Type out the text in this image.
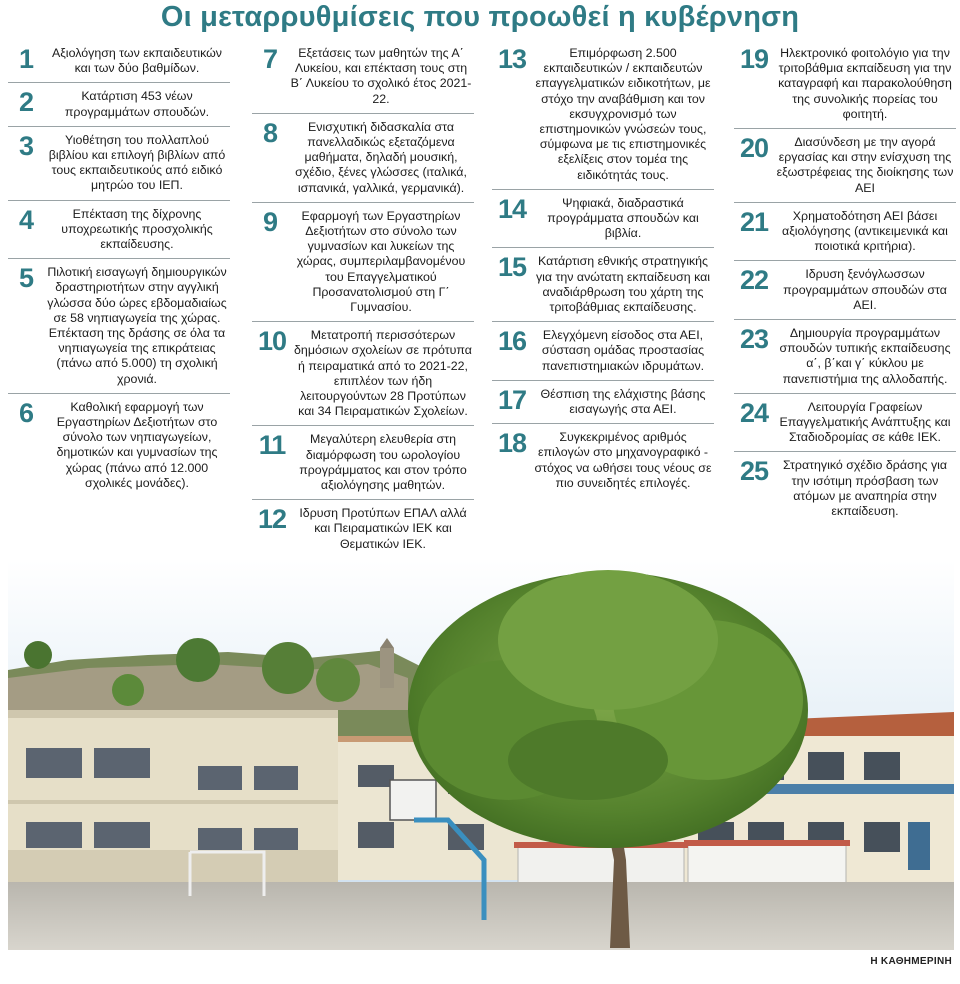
Οι μεταρρυθμίσεις που προωθεί η κυβέρνηση
1	Αξιολόγηση των εκπαιδευτικών και των δύο βαθμίδων.
2	Κατάρτιση 453 νέων προγραμμάτων σπουδών.
3	Υιοθέτηση του πολλαπλού βιβλίου και επιλογή βιβλίων από τους εκπαιδευτικούς από ειδικό μητρώο του ΙΕΠ.
4	Επέκταση της δίχρονης υποχρεωτικής προσχολικής εκπαίδευσης.
5	Πιλοτική εισαγωγή δημιουργικών δραστηριοτήτων στην αγγλική γλώσσα δύο ώρες εβδομαδιαίως σε 58 νηπιαγωγεία της χώρας. Επέκταση της δράσης σε όλα τα νηπιαγωγεία της επικράτειας (πάνω από 5.000) τη σχολική χρονιά.
6	Καθολική εφαρμογή των Εργαστηρίων Δεξιοτήτων στο σύνολο των νηπιαγωγείων, δημοτικών και γυμνασίων της χώρας (πάνω από 12.000 σχολικές μονάδες).
7	Εξετάσεις των μαθητών της Α΄ Λυκείου, και επέκταση τους στη Β΄ Λυκείου το σχολικό έτος 2021-22.
8	Ενισχυτική διδασκαλία στα πανελλαδικώς εξεταζόμενα μαθήματα, δηλαδή μουσική, σχέδιο, ξένες γλώσσες (ιταλικά, ισπανικά, γαλλικά, γερμανικά).
9	Εφαρμογή των Εργαστηρίων Δεξιοτήτων στο σύνολο των γυμνασίων και λυκείων της χώρας, συμπεριλαμβανομένου του Επαγγελματικού Προσανατολισμού στη Γ΄ Γυμνασίου.
10	Μετατροπή περισσότερων δημόσιων σχολείων σε πρότυπα ή πειραματικά από το 2021-22, επιπλέον των ήδη λειτουργούντων 28 Προτύπων και 34 Πειραματικών Σχολείων.
11	Μεγαλύτερη ελευθερία στη διαμόρφωση του ωρολογίου προγράμματος και στον τρόπο αξιολόγησης μαθητών.
12	Ιδρυση Προτύπων ΕΠΑΛ αλλά και Πειραματικών ΙΕΚ και Θεματικών ΙΕΚ.
13	Επιμόρφωση 2.500 εκπαιδευτικών / εκπαιδευτών επαγγελματικών ειδικοτήτων, με στόχο την αναβάθμιση και τον εκσυγχρονισμό των επιστημονικών γνώσεών τους, σύμφωνα με τις επιστημονικές εξελίξεις στον τομέα της ειδικότητάς τους.
14	Ψηφιακά, διαδραστικά προγράμματα σπουδών και βιβλία.
15 Κατάρτιση εθνικής στρατηγικής για την ανώτατη εκπαίδευση και αναδιάρθρωση του χάρτη της τριτοβάθμιας εκπαίδευσης.
16	Ελεγχόμενη είσοδος στα ΑΕΙ, σύσταση ομάδας προστασίας πανεπιστημιακών ιδρυμάτων.
17	Θέσπιση της ελάχιστης βάσης εισαγωγής στα ΑΕΙ.
18	Συγκεκριμένος αριθμός επιλογών στο μηχανογραφικό - στόχος να ωθήσει τους νέους σε πιο συνειδητές επιλογές.
19 Ηλεκτρονικό φοιτολόγιο για την τριτοβάθμια εκπαίδευση για την καταγραφή και παρακολούθηση της συνολικής πορείας του φοιτητή.
20	Διασύνδεση με την αγορά εργασίας και στην ενίσχυση της εξωστρέφειας της διοίκησης των ΑΕΙ
21	Χρηματοδότηση ΑΕΙ βάσει αξιολόγησης (αντικειμενικά και ποιοτικά κριτήρια).
22	Ιδρυση ξενόγλωσσων προγραμμάτων σπουδών στα ΑΕΙ.
23	Δημιουργία προγραμμάτων σπουδών τυπικής εκπαίδευσης α΄, β΄και γ΄ κύκλου με πανεπιστήμια της αλλοδαπής.
24	Λειτουργία Γραφείων Επαγγελματικής Ανάπτυξης και Σταδιοδρομίας σε κάθε ΙΕΚ.
25	Στρατηγικό σχέδιο δράσης για την ισότιμη πρόσβαση των ατόμων με αναπηρία στην εκπαίδευση.
Η ΚΑΘΗΜΕΡΙΝΗ
